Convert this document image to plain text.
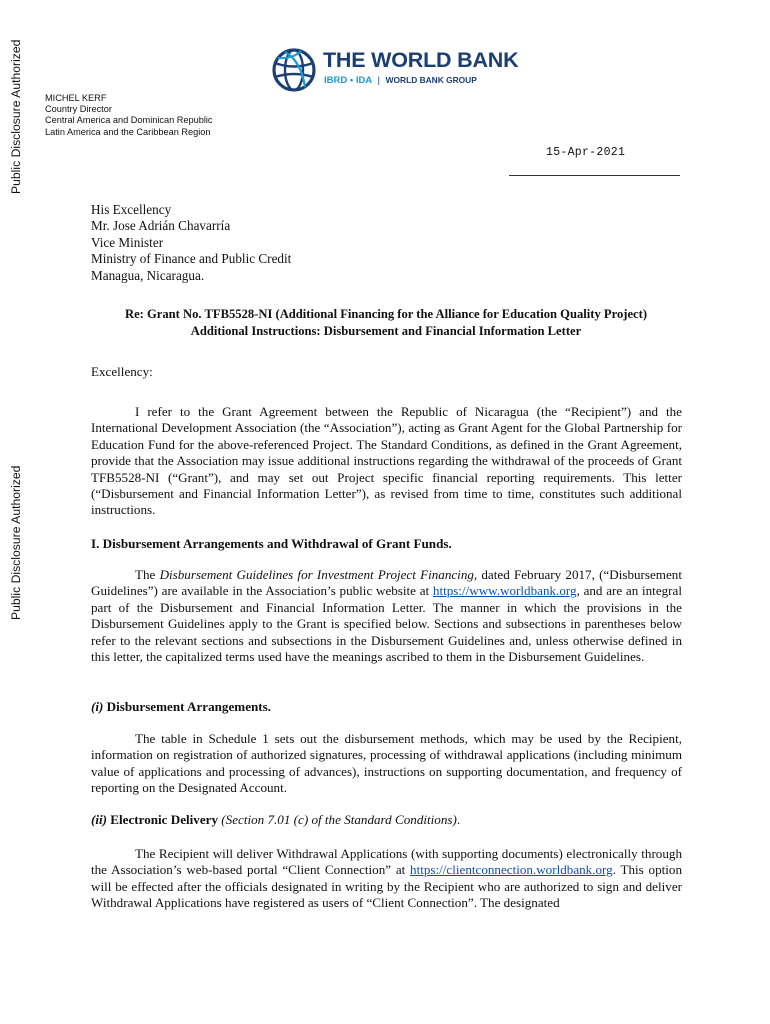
Public Disclosure Authorized
Public Disclosure Authorized
THE WORLD BANK
IBRD • IDA | WORLD BANK GROUP
MICHEL KERF
Country Director
Central America and Dominican Republic
Latin America and the Caribbean Region
15-Apr-2021
His Excellency
Mr. Jose Adrián Chavarría
Vice Minister
Ministry of Finance and Public Credit
Managua, Nicaragua.
Re: Grant No. TFB5528-NI (Additional Financing for the Alliance for Education Quality Project)
Additional Instructions: Disbursement and Financial Information Letter
Excellency:
I refer to the Grant Agreement between the Republic of Nicaragua (the “Recipient”) and the International Development Association (the “Association”), acting as Grant Agent for the Global Partnership for Education Fund for the above-referenced Project. The Standard Conditions, as defined in the Grant Agreement, provide that the Association may issue additional instructions regarding the withdrawal of the proceeds of Grant TFB5528-NI (“Grant”), and may set out Project specific financial reporting requirements. This letter (“Disbursement and Financial Information Letter”), as revised from time to time, constitutes such additional instructions.
I. Disbursement Arrangements and Withdrawal of Grant Funds.
The Disbursement Guidelines for Investment Project Financing, dated February 2017, (“Disbursement Guidelines”) are available in the Association’s public website at https://www.worldbank.org, and are an integral part of the Disbursement and Financial Information Letter. The manner in which the provisions in the Disbursement Guidelines apply to the Grant is specified below. Sections and subsections in parentheses below refer to the relevant sections and subsections in the Disbursement Guidelines and, unless otherwise defined in this letter, the capitalized terms used have the meanings ascribed to them in the Disbursement Guidelines.
(i) Disbursement Arrangements.
The table in Schedule 1 sets out the disbursement methods, which may be used by the Recipient, information on registration of authorized signatures, processing of withdrawal applications (including minimum value of applications and processing of advances), instructions on supporting documentation, and frequency of reporting on the Designated Account.
(ii) Electronic Delivery (Section 7.01 (c) of the Standard Conditions).
The Recipient will deliver Withdrawal Applications (with supporting documents) electronically through the Association’s web-based portal “Client Connection” at https://clientconnection.worldbank.org. This option will be effected after the officials designated in writing by the Recipient who are authorized to sign and deliver Withdrawal Applications have registered as users of “Client Connection”. The designated
